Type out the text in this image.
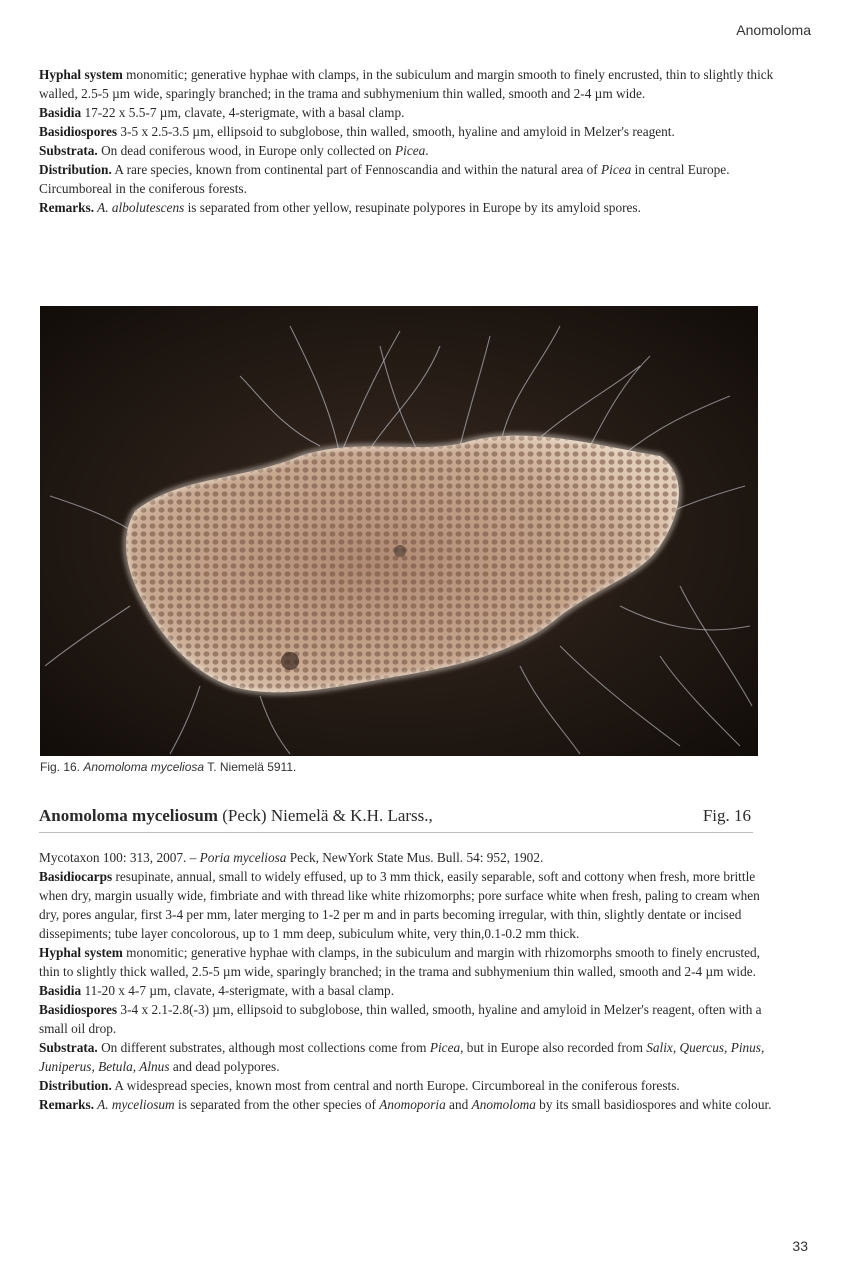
Anomoloma

Hyphal system monomitic; generative hyphae with clamps, in the subiculum and margin smooth to finely encrusted, thin to slightly thick walled, 2.5-5 µm wide, sparingly branched; in the trama and subhymenium thin walled, smooth and 2-4 µm wide.

Basidia 17-22 x 5.5-7 µm, clavate, 4-sterigmate, with a basal clamp.

Basidiospores 3-5 x 2.5-3.5 µm, ellipsoid to subglobose, thin walled, smooth, hyaline and amyloid in Melzer's reagent.

Substrata. On dead coniferous wood, in Europe only collected on Picea.

Distribution. A rare species, known from continental part of Fennoscandia and within the natural area of Picea in central Europe. Circumboreal in the coniferous forests.

Remarks. A. albolutescens is separated from other yellow, resupinate polypores in Europe by its amyloid spores.

Fig. 16. Anomoloma myceliosa T. Niemelä 5911.
Anomoloma myceliosum (Peck) Niemelä & K.H. Larss.,	Fig. 16

Mycotaxon 100: 313, 2007. – Poria myceliosa Peck, NewYork State Mus. Bull. 54: 952, 1902.

Basidiocarps resupinate, annual, small to widely effused, up to 3 mm thick, easily separable, soft and cottony when fresh, more brittle when dry, margin usually wide, fimbriate and with thread like white rhizomorphs; pore surface white when fresh, paling to cream when dry, pores angular, first 3-4 per mm, later merging to 1-2 per m and in parts becoming irregular, with thin, slightly dentate or incised dissepiments; tube layer concolorous, up to 1 mm deep, subiculum white, very thin,0.1-0.2 mm thick.

Hyphal system monomitic; generative hyphae with clamps, in the subiculum and margin with rhizomorphs smooth to finely encrusted, thin to slightly thick walled, 2.5-5 µm wide, sparingly branched; in the trama and subhymenium thin walled, smooth and 2-4 µm wide.

Basidia 11-20 x 4-7 µm, clavate, 4-sterigmate, with a basal clamp.

Basidiospores 3-4 x 2.1-2.8(-3) µm, ellipsoid to subglobose, thin walled, smooth, hyaline and amyloid in Melzer's reagent, often with a small oil drop.

Substrata. On different substrates, although most collections come from Picea, but in Europe also recorded from Salix, Quercus, Pinus, Juniperus, Betula, Alnus and dead polypores.

Distribution. A widespread species, known most from central and north Europe. Circumboreal in the coniferous forests.

Remarks. A. myceliosum is separated from the other species of Anomoporia and Anomoloma by its small basidiospores and white colour.

33
